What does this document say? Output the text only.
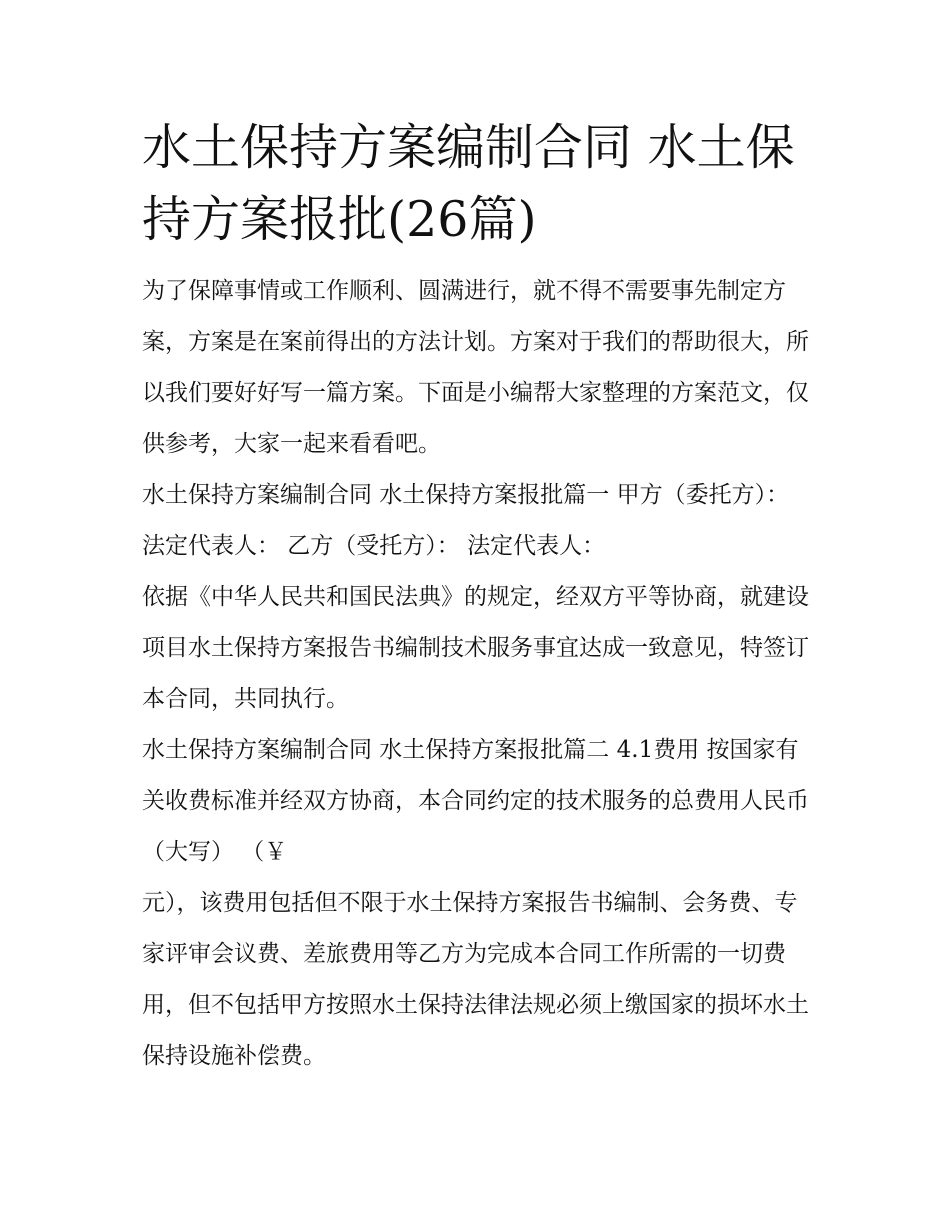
水土保持方案编制合同 水土保持方案报批(26篇)

为了保障事情或工作顺利、圆满进行，就不得不需要事先制定方案，方案是在案前得出的方法计划。方案对于我们的帮助很大，所以我们要好好写一篇方案。下面是小编帮大家整理的方案范文，仅供参考，大家一起来看看吧。

水土保持方案编制合同 水土保持方案报批篇一 甲方（委托方）： 法定代表人： 乙方（受托方）： 法定代表人：

依据《中华人民共和国民法典》的规定，经双方平等协商，就建设项目水土保持方案报告书编制技术服务事宜达成一致意见，特签订本合同，共同执行。

水土保持方案编制合同 水土保持方案报批篇二 4.1费用 按国家有关收费标准并经双方协商，本合同约定的技术服务的总费用人民币（大写） （￥

元），该费用包括但不限于水土保持方案报告书编制、会务费、专家评审会议费、差旅费用等乙方为完成本合同工作所需的一切费用，但不包括甲方按照水土保持法律法规必须上缴国家的损坏水土保持设施补偿费。
